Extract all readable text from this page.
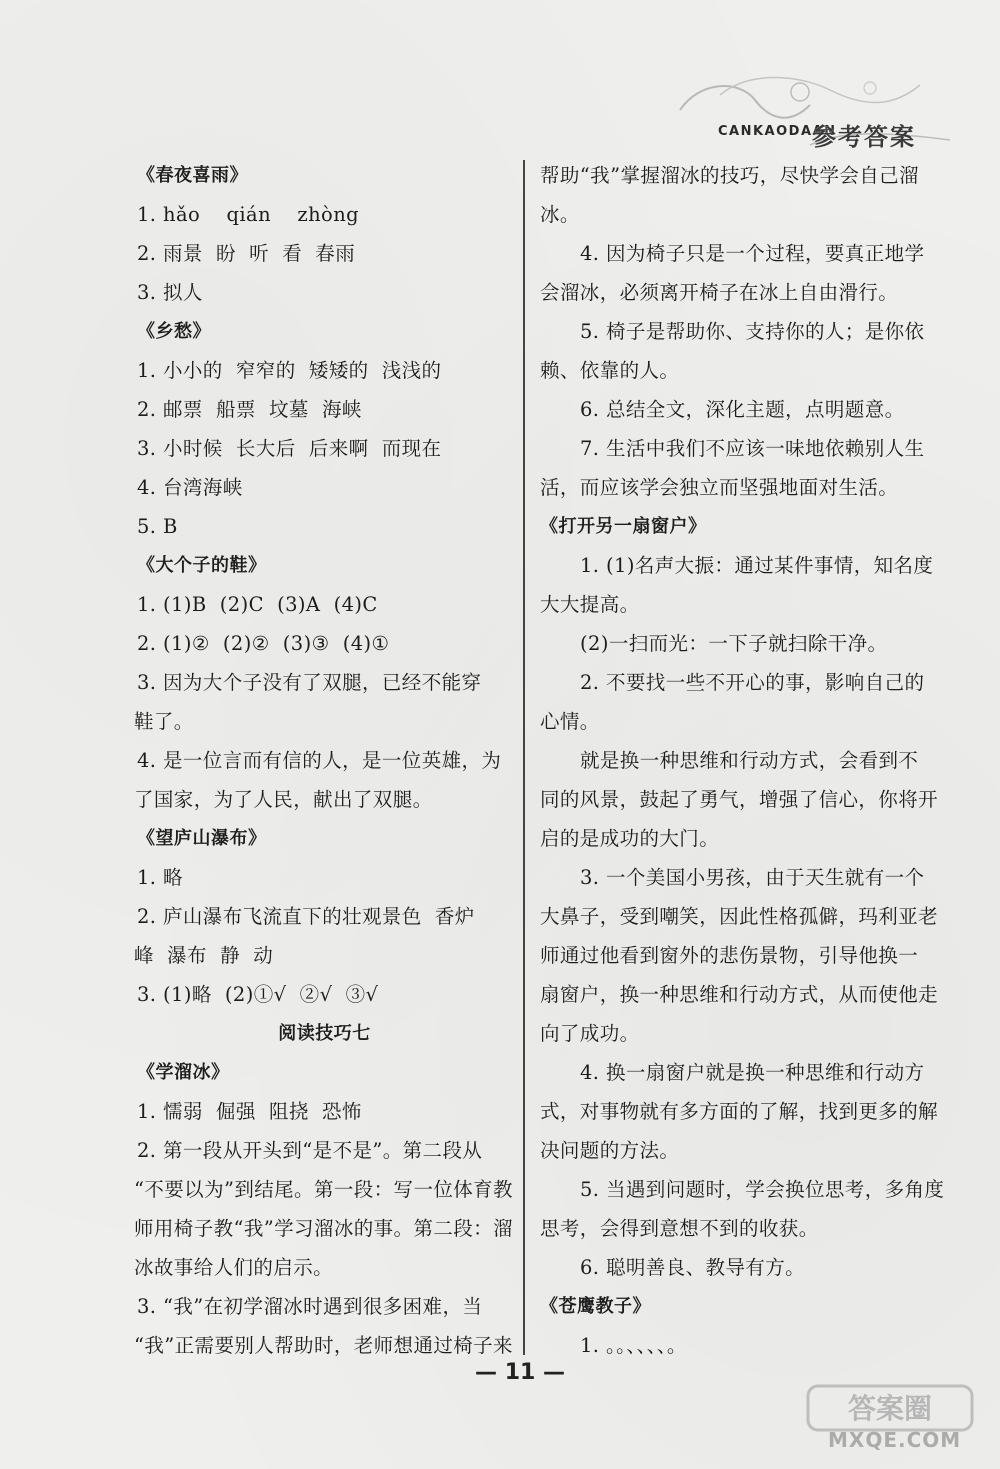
CANKAODAAN
参考答案
《春夜喜雨》
1. hǎo    qián    zhòng
2. 雨景  盼  听  看  春雨
3. 拟人
《乡愁》
1. 小小的  窄窄的  矮矮的  浅浅的
2. 邮票  船票  坟墓  海峡
3. 小时候  长大后  后来啊  而现在
4. 台湾海峡
5. B
《大个子的鞋》
1. (1)B  (2)C  (3)A  (4)C
2. (1)②  (2)②  (3)③  (4)①
3. 因为大个子没有了双腿，已经不能穿
鞋了。
4. 是一位言而有信的人，是一位英雄，为
了国家，为了人民，献出了双腿。
《望庐山瀑布》
1. 略
2. 庐山瀑布飞流直下的壮观景色  香炉
峰  瀑布  静  动
3. (1)略  (2)①√  ②√  ③√
阅读技巧七
《学溜冰》
1. 懦弱  倔强  阻挠  恐怖
2. 第一段从开头到“是不是”。第二段从
“不要以为”到结尾。第一段：写一位体育教
师用椅子教“我”学习溜冰的事。第二段：溜
冰故事给人们的启示。
3. “我”在初学溜冰时遇到很多困难，当
“我”正需要别人帮助时，老师想通过椅子来
帮助“我”掌握溜冰的技巧，尽快学会自己溜
冰。
4. 因为椅子只是一个过程，要真正地学
会溜冰，必须离开椅子在冰上自由滑行。
5. 椅子是帮助你、支持你的人；是你依
赖、依靠的人。
6. 总结全文，深化主题，点明题意。
7. 生活中我们不应该一味地依赖别人生
活，而应该学会独立而坚强地面对生活。
《打开另一扇窗户》
1. (1)名声大振：通过某件事情，知名度
大大提高。
(2)一扫而光：一下子就扫除干净。
2. 不要找一些不开心的事，影响自己的
心情。
就是换一种思维和行动方式，会看到不
同的风景，鼓起了勇气，增强了信心，你将开
启的是成功的大门。
3. 一个美国小男孩，由于天生就有一个
大鼻子，受到嘲笑，因此性格孤僻，玛利亚老
师通过他看到窗外的悲伤景物，引导他换一
扇窗户，换一种思维和行动方式，从而使他走
向了成功。
4. 换一扇窗户就是换一种思维和行动方
式，对事物就有多方面的了解，找到更多的解
决问题的方法。
5. 当遇到问题时，学会换位思考，多角度
思考，会得到意想不到的收获。
6. 聪明善良、教导有方。
《苍鹰教子》
1. 。。、、、、。
— 11 —
答案圈
MXQE.COM
